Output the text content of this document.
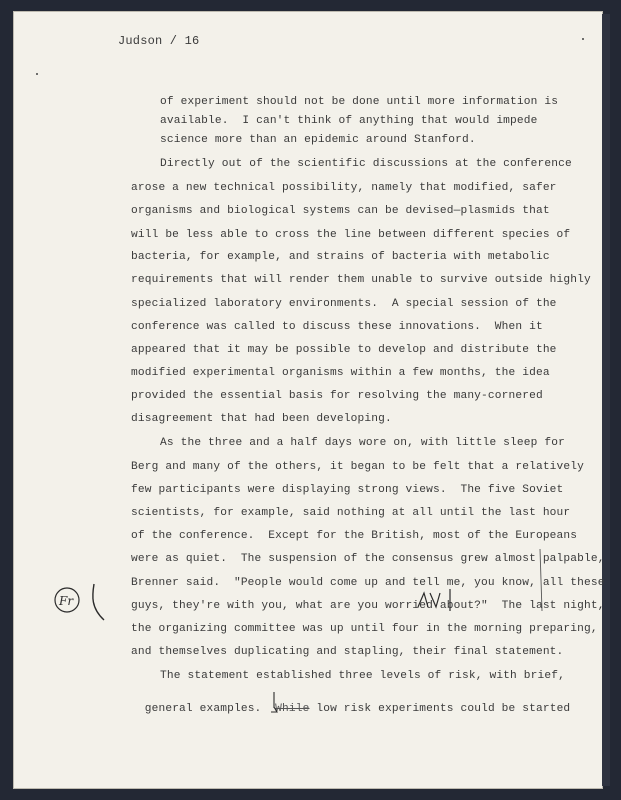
Judson / 16
of experiment should not be done until more information is
available.  I can't think of anything that would impede
science more than an epidemic around Stanford.
Directly out of the scientific discussions at the conference
arose a new technical possibility, namely that modified, safer
organisms and biological systems can be devised—plasmids that
will be less able to cross the line between different species of
bacteria, for example, and strains of bacteria with metabolic
requirements that will render them unable to survive outside highly
specialized laboratory environments.  A special session of the
conference was called to discuss these innovations.  When it
appeared that it may be possible to develop and distribute the
modified experimental organisms within a few months, the idea
provided the essential basis for resolving the many-cornered
disagreement that had been developing.
As the three and a half days wore on, with little sleep for
Berg and many of the others, it began to be felt that a relatively
few participants were displaying strong views.  The five Soviet
scientists, for example, said nothing at all until the last hour
of the conference.  Except for the British, most of the Europeans
were as quiet.  The suspension of the consensus grew almost palpable,
Brenner said.  "People would come up and tell me, you know, all these
guys, they're with you, what are you worried about?"  The last night,
the organizing committee was up until four in the morning preparing,
and themselves duplicating and stapling, their final statement.
The statement established three levels of risk, with brief,

general examples.  While low risk experiments could be started

Fr
